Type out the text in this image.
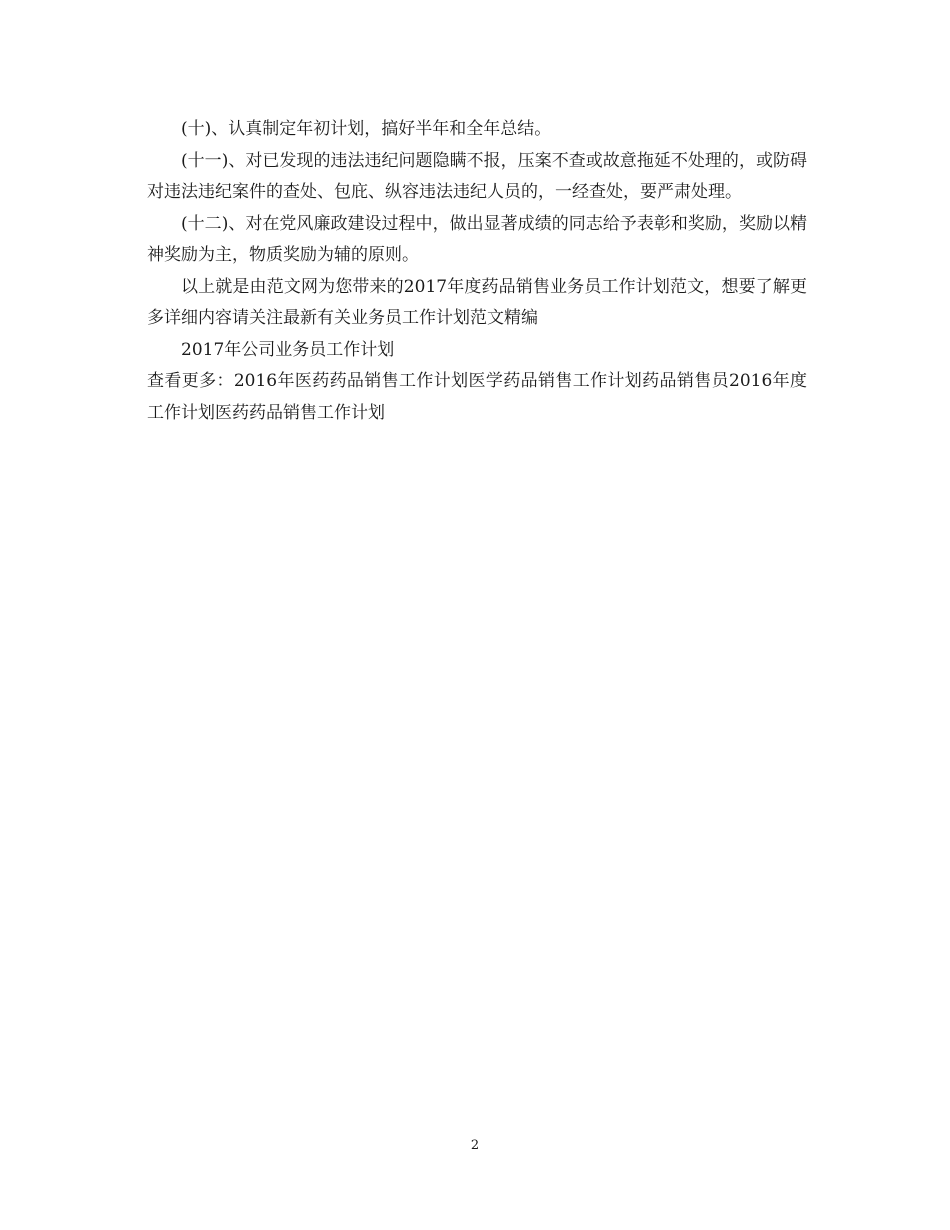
(十)、认真制定年初计划，搞好半年和全年总结。

(十一)、对已发现的违法违纪问题隐瞒不报，压案不查或故意拖延不处理的，或防碍对违法违纪案件的查处、包庇、纵容违法违纪人员的，一经查处，要严肃处理。

(十二)、对在党风廉政建设过程中，做出显著成绩的同志给予表彰和奖励，奖励以精神奖励为主，物质奖励为辅的原则。

以上就是由范文网为您带来的2017年度药品销售业务员工作计划范文，想要了解更多详细内容请关注最新有关业务员工作计划范文精编

2017年公司业务员工作计划

查看更多：2016年医药药品销售工作计划医学药品销售工作计划药品销售员2016年度工作计划医药药品销售工作计划

2
